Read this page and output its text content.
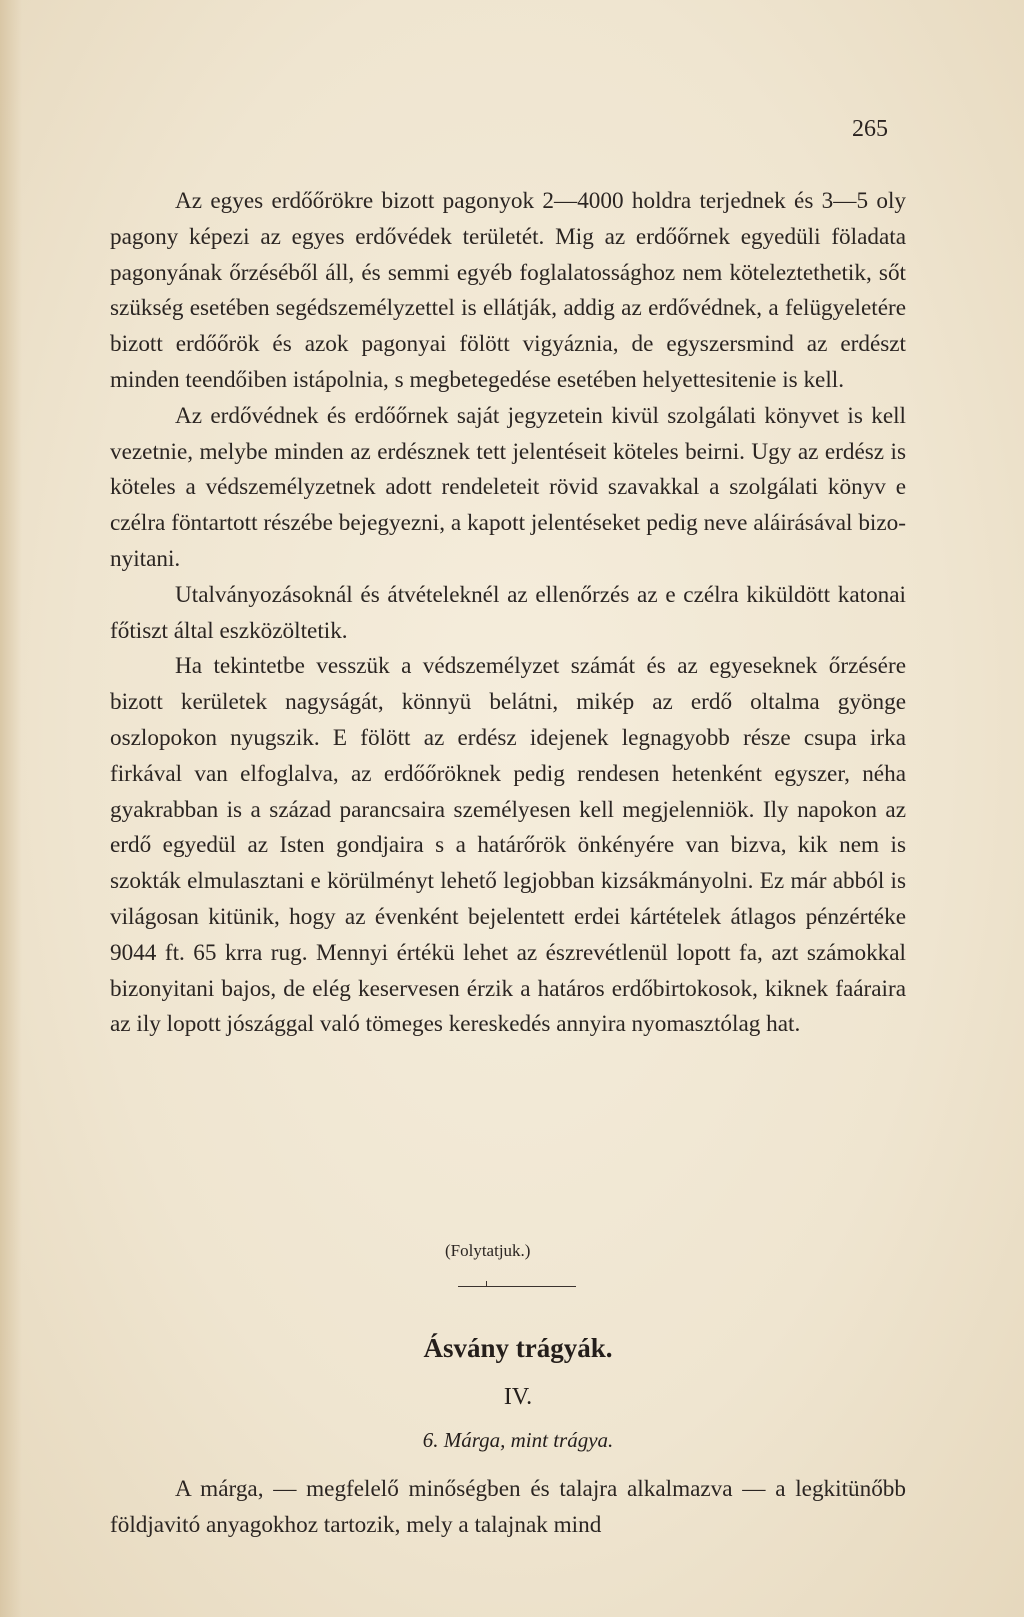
265

Az egyes erdőőrökre bizott pagonyok 2—4000 holdra terjednek és 3—5 oly pagony képezi az egyes erdővédek területét. Mig az erdőőrnek egyedüli föladata pagonyának őrzéséből áll, és semmi egyéb foglalatossághoz nem köteleztethetik, sőt szükség esetében segédszemélyzettel is ellátják, addig az erdővédnek, a felügyeletére bizott erdőőrök és azok pagonyai fölött vigyáznia, de egyszersmind az erdészt minden teendőiben istápolnia, s megbetegedése esetében helyettesitenie is kell.

Az erdővédnek és erdőőrnek saját jegyzetein kivül szolgálati könyvet is kell vezetnie, melybe minden az erdésznek tett jelentéseit köteles beirni. Ugy az erdész is köteles a védszemélyzetnek adott rendeleteit rövid szavakkal a szolgálati könyv e czélra föntartott részébe bejegyezni, a kapott jelentéseket pedig neve aláirásával bizonyitani.

Utalványozásoknál és átvételeknél az ellenőrzés az e czélra kiküldött katonai főtiszt által eszközöltetik.

Ha tekintetbe vesszük a védszemélyzet számát és az egyeseknek őrzésére bizott kerületek nagyságát, könnyü belátni, mikép az erdő oltalma gyönge oszlopokon nyugszik. E fölött az erdész idejenek legnagyobb része csupa irka firkával van elfoglalva, az erdőőröknek pedig rendesen hetenként egyszer, néha gyakrabban is a század parancsaira személyesen kell megjelenniök. Ily napokon az erdő egyedül az Isten gondjaira s a határőrök önkényére van bizva, kik nem is szokták elmulasztani e körülményt lehető legjobban kizsákmányolni. Ez már abból is világosan kitünik, hogy az évenként bejelentett erdei kártételek átlagos pénzértéke 9044 ft. 65 krra rug. Mennyi értékü lehet az észrevétlenül lopott fa, azt számokkal bizonyitani bajos, de elég keservesen érzik a határos erdőbirtokosok, kiknek faáraira az ily lopott jószággal való tömeges kereskedés annyira nyomasztólag hat.

(Folytatjuk.)
Ásvány trágyák.
IV.
6. Márga, mint trágya.

A márga, — megfelelő minőségben és talajra alkalmazva — a legkitünőbb földjavitó anyagokhoz tartozik, mely a talajnak mind
